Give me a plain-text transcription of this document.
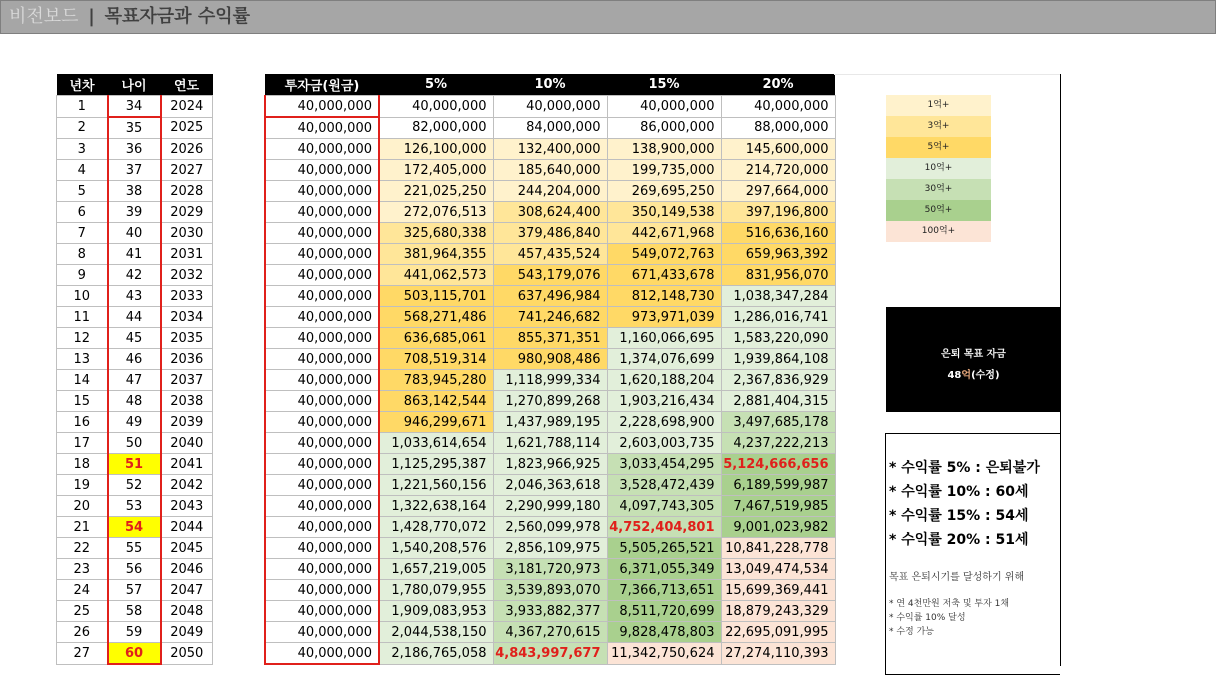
비전보드 | 목표자금과 수익률
년차	나이	연도
1	34	2024
2	35	2025
3	36	2026
4	37	2027
5	38	2028
6	39	2029
7	40	2030
8	41	2031
9	42	2032
10	43	2033
11	44	2034
12	45	2035
13	46	2036
14	47	2037
15	48	2038
16	49	2039
17	50	2040
18	51	2041
19	52	2042
20	53	2043
21	54	2044
22	55	2045
23	56	2046
24	57	2047
25	58	2048
26	59	2049
27	60	2050
투자금(원금)	5%	10%	15%	20%
40,000,000	40,000,000	40,000,000	40,000,000	40,000,000
40,000,000	82,000,000	84,000,000	86,000,000	88,000,000
40,000,000	126,100,000	132,400,000	138,900,000	145,600,000
40,000,000	172,405,000	185,640,000	199,735,000	214,720,000
40,000,000	221,025,250	244,204,000	269,695,250	297,664,000
40,000,000	272,076,513	308,624,400	350,149,538	397,196,800
40,000,000	325,680,338	379,486,840	442,671,968	516,636,160
40,000,000	381,964,355	457,435,524	549,072,763	659,963,392
40,000,000	441,062,573	543,179,076	671,433,678	831,956,070
40,000,000	503,115,701	637,496,984	812,148,730	1,038,347,284
40,000,000	568,271,486	741,246,682	973,971,039	1,286,016,741
40,000,000	636,685,061	855,371,351	1,160,066,695	1,583,220,090
40,000,000	708,519,314	980,908,486	1,374,076,699	1,939,864,108
40,000,000	783,945,280	1,118,999,334	1,620,188,204	2,367,836,929
40,000,000	863,142,544	1,270,899,268	1,903,216,434	2,881,404,315
40,000,000	946,299,671	1,437,989,195	2,228,698,900	3,497,685,178
40,000,000	1,033,614,654	1,621,788,114	2,603,003,735	4,237,222,213
40,000,000	1,125,295,387	1,823,966,925	3,033,454,295	5,124,666,656
40,000,000	1,221,560,156	2,046,363,618	3,528,472,439	6,189,599,987
40,000,000	1,322,638,164	2,290,999,180	4,097,743,305	7,467,519,985
40,000,000	1,428,770,072	2,560,099,978	4,752,404,801	9,001,023,982
40,000,000	1,540,208,576	2,856,109,975	5,505,265,521	10,841,228,778
40,000,000	1,657,219,005	3,181,720,973	6,371,055,349	13,049,474,534
40,000,000	1,780,079,955	3,539,893,070	7,366,713,651	15,699,369,441
40,000,000	1,909,083,953	3,933,882,377	8,511,720,699	18,879,243,329
40,000,000	2,044,538,150	4,367,270,615	9,828,478,803	22,695,091,995
40,000,000	2,186,765,058	4,843,997,677	11,342,750,624	27,274,110,393
1억+
3억+
5억+
10억+
30억+
50억+
100억+
은퇴 목표 자금
48억(수정)
* 수익률 5% : 은퇴불가
* 수익률 10% : 60세
* 수익률 15% : 54세
* 수익률 20% : 51세
목표 은퇴시기를 달성하기 위해
* 연 4천만원 저축 및 투자 1채
* 수익률 10% 달성
* 수정 가능
